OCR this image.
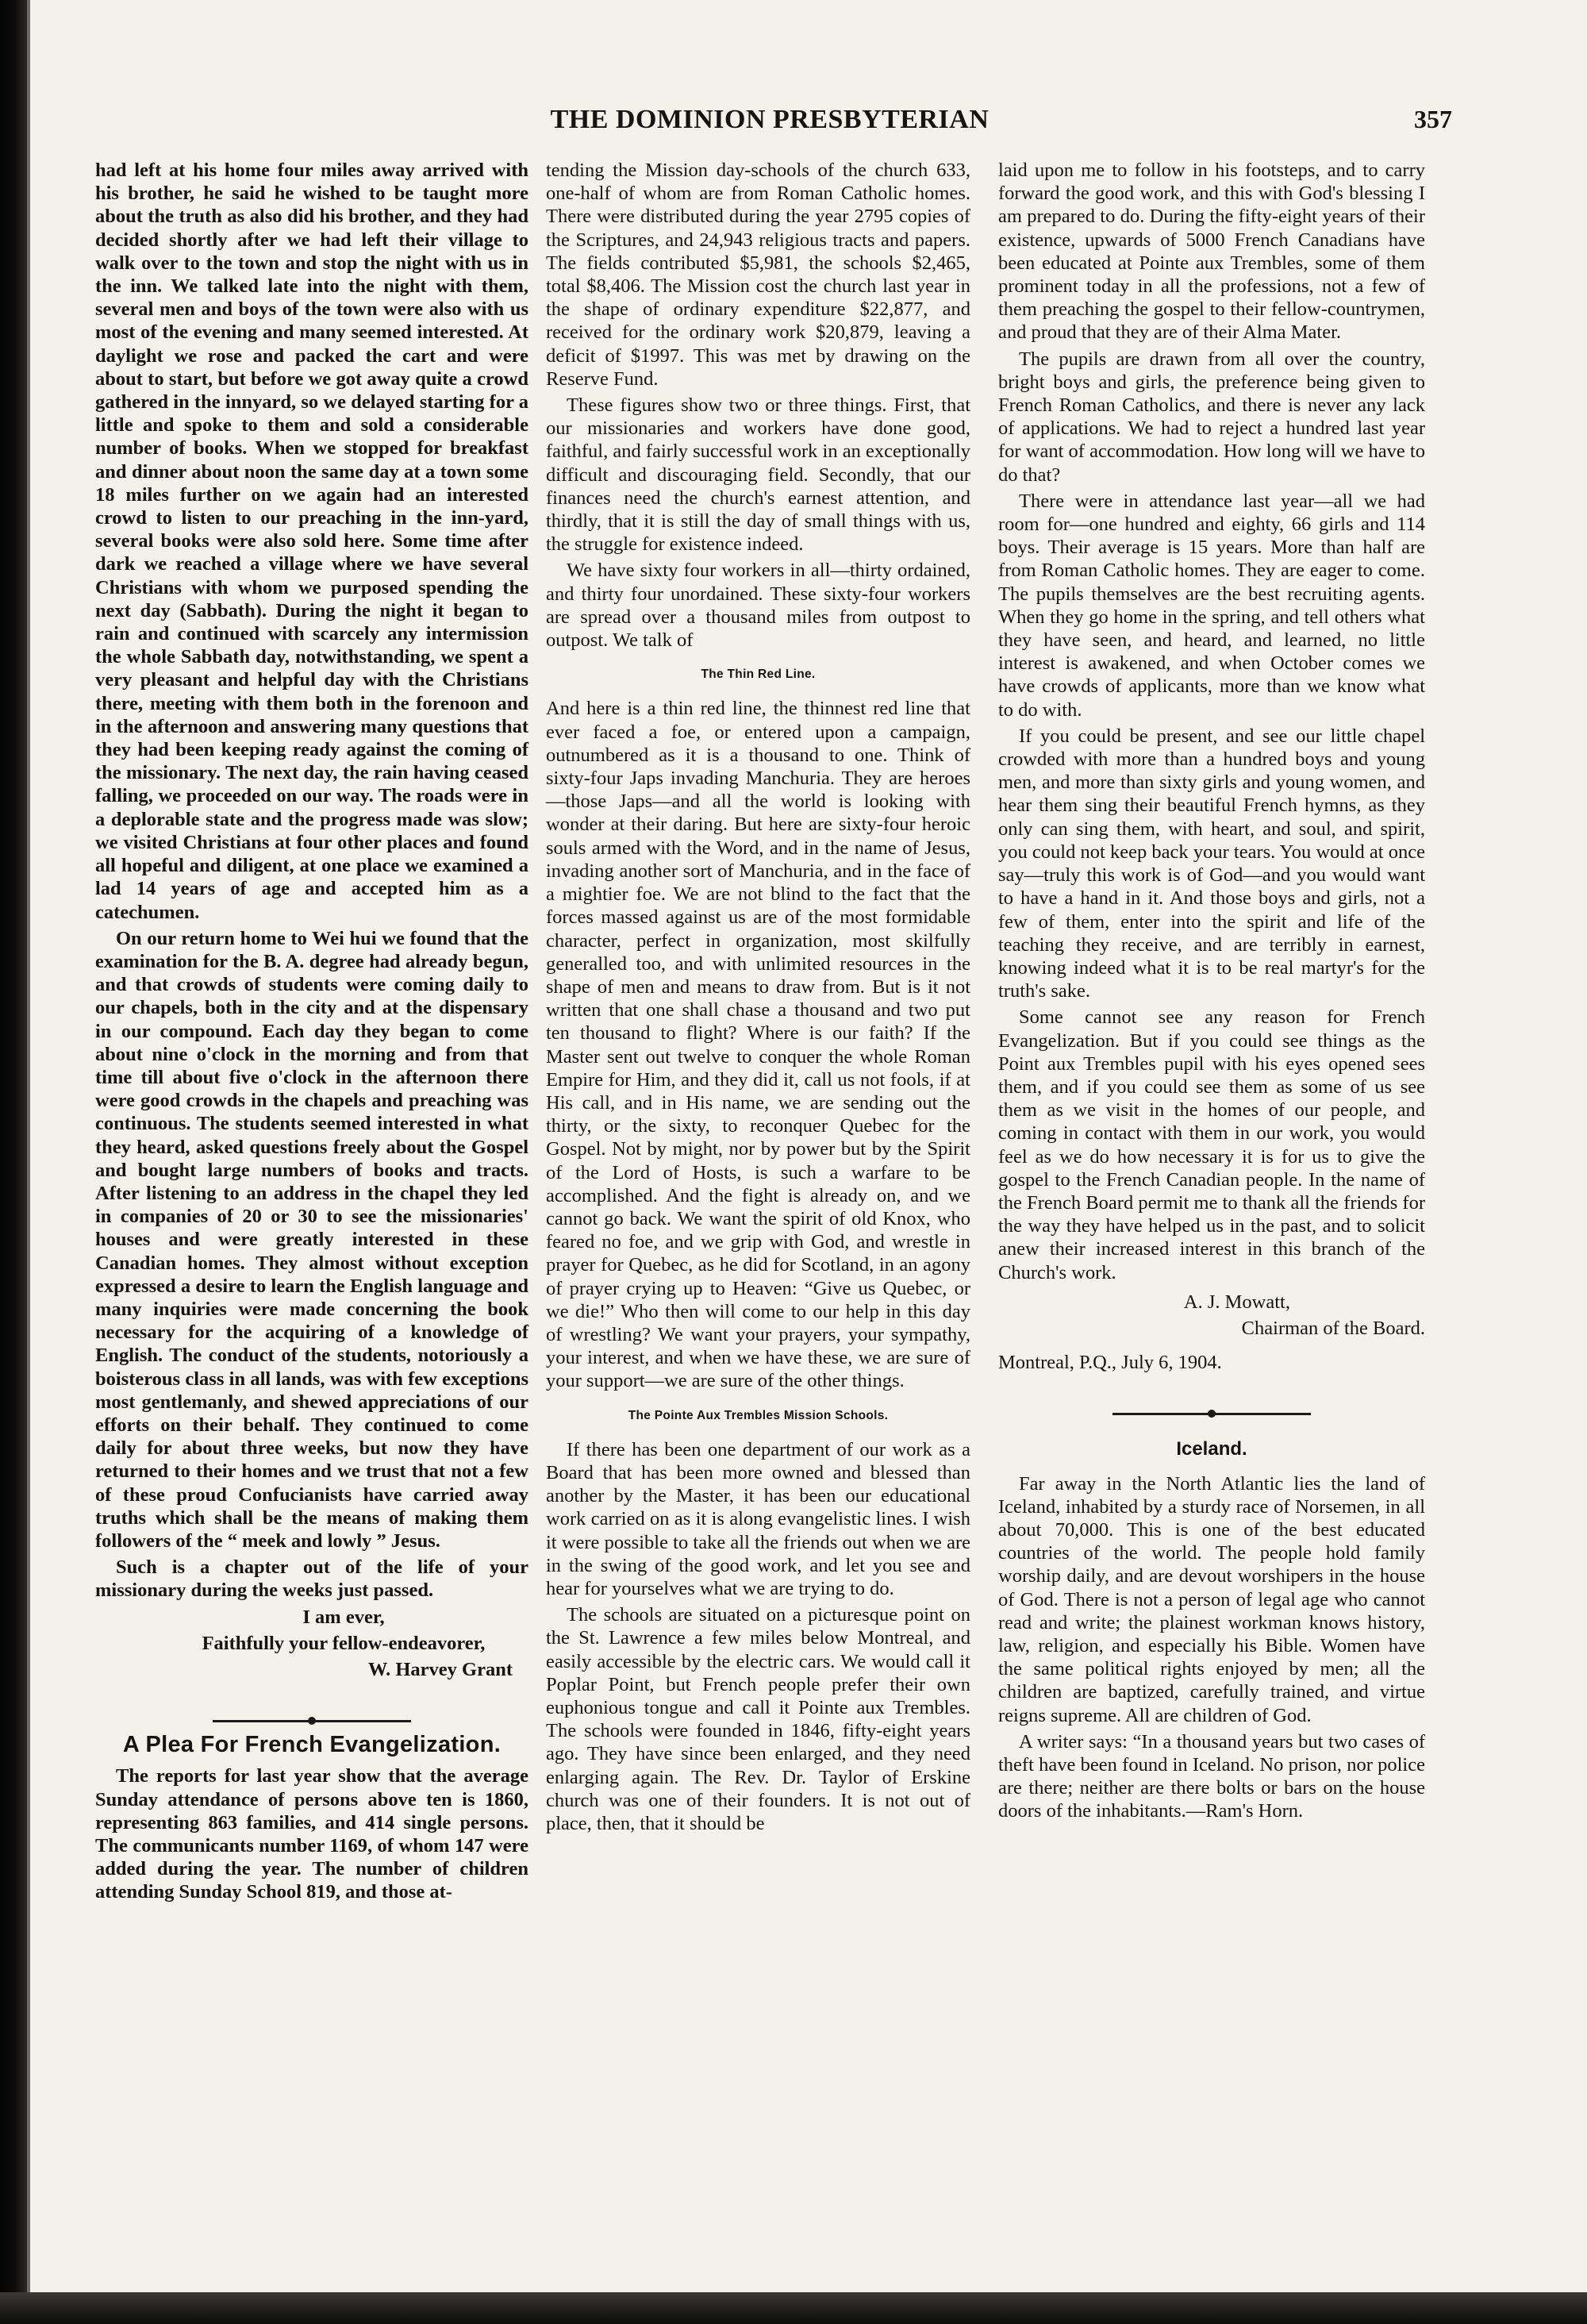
THE DOMINION PRESBYTERIAN	357

had left at his home four miles away arrived with his brother, he said he wished to be taught more about the truth as also did his brother, and they had decided shortly after we had left their village to walk over to the town and stop the night with us in the inn. We talked late into the night with them, several men and boys of the town were also with us most of the evening and many seemed interested. At daylight we rose and packed the cart and were about to start, but before we got away quite a crowd gathered in the innyard, so we delayed starting for a little and spoke to them and sold a considerable number of books. When we stopped for breakfast and dinner about noon the same day at a town some 18 miles further on we again had an interested crowd to listen to our preaching in the inn-yard, several books were also sold here. Some time after dark we reached a village where we have several Christians with whom we purposed spending the next day (Sabbath). During the night it began to rain and continued with scarcely any intermission the whole Sabbath day, notwithstanding, we spent a very pleasant and helpful day with the Christians there, meeting with them both in the forenoon and in the afternoon and answering many questions that they had been keeping ready against the coming of the missionary. The next day, the rain having ceased falling, we proceeded on our way. The roads were in a deplorable state and the progress made was slow; we visited Christians at four other places and found all hopeful and diligent, at one place we examined a lad 14 years of age and accepted him as a catechumen.

On our return home to Wei hui we found that the examination for the B. A. degree had already begun, and that crowds of students were coming daily to our chapels, both in the city and at the dispensary in our compound. Each day they began to come about nine o'clock in the morning and from that time till about five o'clock in the afternoon there were good crowds in the chapels and preaching was continuous. The students seemed interested in what they heard, asked questions freely about the Gospel and bought large numbers of books and tracts. After listening to an address in the chapel they led in companies of 20 or 30 to see the missionaries' houses and were greatly interested in these Canadian homes. They almost without exception expressed a desire to learn the English language and many inquiries were made concerning the book necessary for the acquiring of a knowledge of English. The conduct of the students, notoriously a boisterous class in all lands, was with few exceptions most gentlemanly, and shewed appreciations of our efforts on their behalf. They continued to come daily for about three weeks, but now they have returned to their homes and we trust that not a few of these proud Confucianists have carried away truths which shall be the means of making them followers of the “ meek and lowly ” Jesus.

Such is a chapter out of the life of your missionary during the weeks just passed.

I am ever,

Faithfully your fellow-endeavorer,

W. Harvey Grant

A Plea For French Evangelization.

The reports for last year show that the average Sunday attendance of persons above ten is 1860, representing 863 families, and 414 single persons. The communicants number 1169, of whom 147 were added during the year. The number of children attending Sunday School 819, and those at-

tending the Mission day-schools of the church 633, one-half of whom are from Roman Catholic homes. There were distributed during the year 2795 copies of the Scriptures, and 24,943 religious tracts and papers. The fields contributed $5,981, the schools $2,465, total $8,406. The Mission cost the church last year in the shape of ordinary expenditure $22,877, and received for the ordinary work $20,879, leaving a deficit of $1997. This was met by drawing on the Reserve Fund.

These figures show two or three things. First, that our missionaries and workers have done good, faithful, and fairly successful work in an exceptionally difficult and discouraging field. Secondly, that our finances need the church's earnest attention, and thirdly, that it is still the day of small things with us, the struggle for existence indeed.

We have sixty four workers in all—thirty ordained, and thirty four unordained. These sixty-four workers are spread over a thousand miles from outpost to outpost. We talk of

The Thin Red Line.

And here is a thin red line, the thinnest red line that ever faced a foe, or entered upon a campaign, outnumbered as it is a thousand to one. Think of sixty-four Japs invading Manchuria. They are heroes—those Japs—and all the world is looking with wonder at their daring. But here are sixty-four heroic souls armed with the Word, and in the name of Jesus, invading another sort of Manchuria, and in the face of a mightier foe. We are not blind to the fact that the forces massed against us are of the most formidable character, perfect in organization, most skilfully generalled too, and with unlimited resources in the shape of men and means to draw from. But is it not written that one shall chase a thousand and two put ten thousand to flight? Where is our faith? If the Master sent out twelve to conquer the whole Roman Empire for Him, and they did it, call us not fools, if at His call, and in His name, we are sending out the thirty, or the sixty, to reconquer Quebec for the Gospel. Not by might, nor by power but by the Spirit of the Lord of Hosts, is such a warfare to be accomplished. And the fight is already on, and we cannot go back. We want the spirit of old Knox, who feared no foe, and we grip with God, and wrestle in prayer for Quebec, as he did for Scotland, in an agony of prayer crying up to Heaven: “Give us Quebec, or we die!” Who then will come to our help in this day of wrestling? We want your prayers, your sympathy, your interest, and when we have these, we are sure of your support—we are sure of the other things.

The Pointe Aux Trembles Mission Schools.

If there has been one department of our work as a Board that has been more owned and blessed than another by the Master, it has been our educational work carried on as it is along evangelistic lines. I wish it were possible to take all the friends out when we are in the swing of the good work, and let you see and hear for yourselves what we are trying to do.

The schools are situated on a picturesque point on the St. Lawrence a few miles below Montreal, and easily accessible by the electric cars. We would call it Poplar Point, but French people prefer their own euphonious tongue and call it Pointe aux Trembles. The schools were founded in 1846, fifty-eight years ago. They have since been enlarged, and they need enlarging again. The Rev. Dr. Taylor of Erskine church was one of their founders. It is not out of place, then, that it should be

laid upon me to follow in his footsteps, and to carry forward the good work, and this with God's blessing I am prepared to do. During the fifty-eight years of their existence, upwards of 5000 French Canadians have been educated at Pointe aux Trembles, some of them prominent today in all the professions, not a few of them preaching the gospel to their fellow-countrymen, and proud that they are of their Alma Mater.

The pupils are drawn from all over the country, bright boys and girls, the preference being given to French Roman Catholics, and there is never any lack of applications. We had to reject a hundred last year for want of accommodation. How long will we have to do that?

There were in attendance last year—all we had room for—one hundred and eighty, 66 girls and 114 boys. Their average is 15 years. More than half are from Roman Catholic homes. They are eager to come. The pupils themselves are the best recruiting agents. When they go home in the spring, and tell others what they have seen, and heard, and learned, no little interest is awakened, and when October comes we have crowds of applicants, more than we know what to do with.

If you could be present, and see our little chapel crowded with more than a hundred boys and young men, and more than sixty girls and young women, and hear them sing their beautiful French hymns, as they only can sing them, with heart, and soul, and spirit, you could not keep back your tears. You would at once say—truly this work is of God—and you would want to have a hand in it. And those boys and girls, not a few of them, enter into the spirit and life of the teaching they receive, and are terribly in earnest, knowing indeed what it is to be real martyr's for the truth's sake.

Some cannot see any reason for French Evangelization. But if you could see things as the Point aux Trembles pupil with his eyes opened sees them, and if you could see them as some of us see them as we visit in the homes of our people, and coming in contact with them in our work, you would feel as we do how necessary it is for us to give the gospel to the French Canadian people. In the name of the French Board permit me to thank all the friends for the way they have helped us in the past, and to solicit anew their increased interest in this branch of the Church's work.

A. J. Mowatt,

Chairman of the Board.

Montreal, P.Q., July 6, 1904.

Iceland.

Far away in the North Atlantic lies the land of Iceland, inhabited by a sturdy race of Norsemen, in all about 70,000. This is one of the best educated countries of the world. The people hold family worship daily, and are devout worshipers in the house of God. There is not a person of legal age who cannot read and write; the plainest workman knows history, law, religion, and especially his Bible. Women have the same political rights enjoyed by men; all the children are baptized, carefully trained, and virtue reigns supreme. All are children of God.

A writer says: “In a thousand years but two cases of theft have been found in Iceland. No prison, nor police are there; neither are there bolts or bars on the house doors of the inhabitants.—Ram's Horn.
